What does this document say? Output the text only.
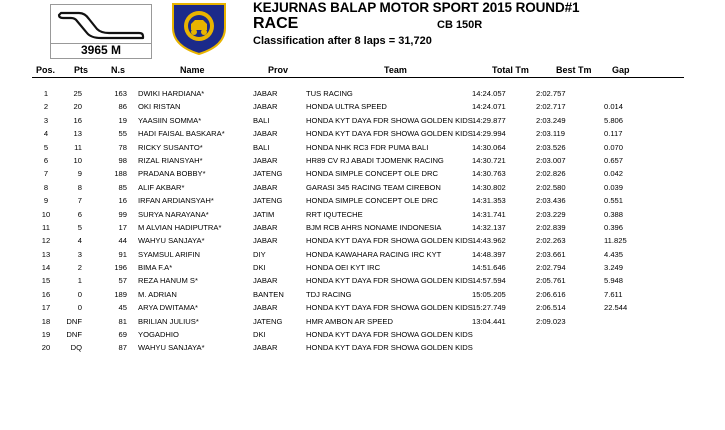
3965 M
KEJURNAS BALAP MOTOR SPORT 2015 ROUND#1
RACE	CB 150R
Classification after 8 laps = 31,720
Pos. Pts	N.s	Name	Prov	Team	Total Tm	Best Tm Gap
1	25	163 DWIKI HARDIANA*	JABAR	TUS RACING	14:24.057	2:02.757
2	20	86 OKI RISTAN	JABAR	HONDA ULTRA SPEED	14:24.071	2:02.717	0.014
3	16	19 YAASIIN SOMMA*	BALI	HONDA KYT DAYA FDR SHOWA GOLDEN KIDS 14:29.877	2:03.249	5.806
4	13	55 HADI FAISAL BASKARA*	JABAR	HONDA KYT DAYA FDR SHOWA GOLDEN KIDS 14:29.994	2:03.119	0.117
5	11	78 RICKY SUSANTO*	BALI	HONDA NHK RC3 FDR PUMA BALI	14:30.064	2:03.526	0.070
6	10	98 RIZAL RIANSYAH*	JABAR	HR89 CV RJ ABADI TJOMENK RACING	14:30.721	2:03.007	0.657
7	9	188 PRADANA BOBBY*	JATENG	HONDA SIMPLE CONCEPT OLE DRC	14:30.763	2:02.826	0.042
8	8	85 ALIF AKBAR*	JABAR	GARASI 345 RACING TEAM CIREBON	14:30.802	2:02.580	0.039
9	7	16 IRFAN ARDIANSYAH*	JATENG	HONDA SIMPLE CONCEPT OLE DRC	14:31.353	2:03.436	0.551
10	6	99 SURYA NARAYANA*	JATIM	RRT IQUTECHE	14:31.741	2:03.229	0.388
11	5	17 M ALVIAN HADIPUTRA*	JABAR	BJM RCB AHRS NONAME INDONESIA	14:32.137	2:02.839	0.396
12	4	44 WAHYU SANJAYA*	JABAR	HONDA KYT DAYA FDR SHOWA GOLDEN KIDS 14:43.962	2:02.263	11.825
13	3	91 SYAMSUL ARIFIN	DIY	HONDA KAWAHARA RACING IRC KYT	14:48.397	2:03.661	4.435
14	2	196 BIMA F.A*	DKI	HONDA OEI KYT IRC	14:51.646	2:02.794	3.249
15	1	57 REZA HANUM S*	JABAR	HONDA KYT DAYA FDR SHOWA GOLDEN KIDS 14:57.594	2:05.761	5.948
16	0	189 M. ADRIAN	BANTEN	TDJ RACING	15:05.205	2:06.616	7.611
17	0	45 ARYA DWITAMA*	JABAR	HONDA KYT DAYA FDR SHOWA GOLDEN KIDS 15:27.749	2:06.514	22.544
18	DNF	81 BRILIAN JULIUS*	JATENG	HMR AMBON AR SPEED	13:04.441	2:09.023
19	DNF	69 YOGADHIO	DKI	HONDA KYT DAYA FDR SHOWA GOLDEN KIDS
20	DQ	87 WAHYU SANJAYA*	JABAR	HONDA KYT DAYA FDR SHOWA GOLDEN KIDS
